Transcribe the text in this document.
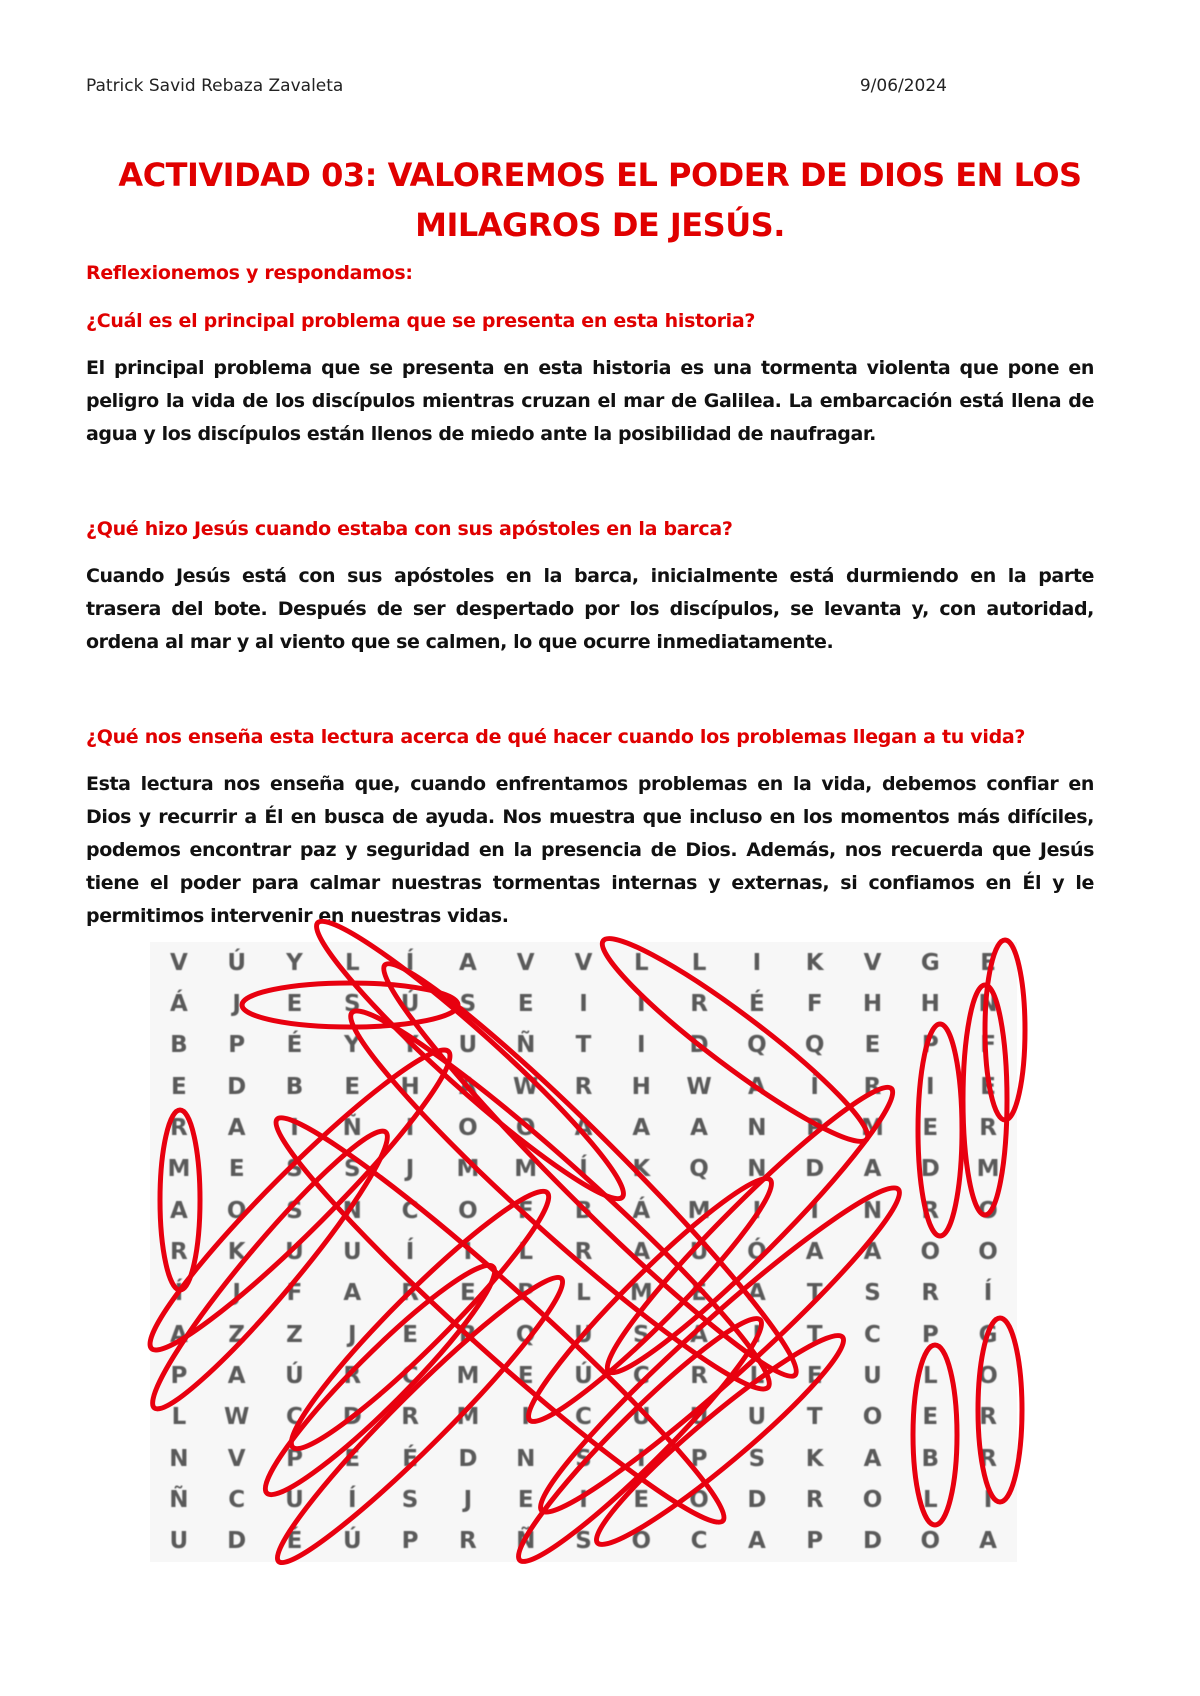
Patrick Savid Rebaza Zavaleta	9/06/2024
ACTIVIDAD 03: VALOREMOS EL PODER DE DIOS EN LOS MILAGROS DE JESÚS.
Reflexionemos y respondamos:
¿Cuál es el principal problema que se presenta en esta historia?
El principal problema que se presenta en esta historia es una tormenta violenta que pone en peligro la vida de los discípulos mientras cruzan el mar de Galilea. La embarcación está llena de agua y los discípulos están llenos de miedo ante la posibilidad de naufragar.
¿Qué hizo Jesús cuando estaba con sus apóstoles en la barca?
Cuando Jesús está con sus apóstoles en la barca, inicialmente está durmiendo en la parte trasera del bote. Después de ser despertado por los discípulos, se levanta y, con autoridad, ordena al mar y al viento que se calmen, lo que ocurre inmediatamente.
¿Qué nos enseña esta lectura acerca de qué hacer cuando los problemas llegan a tu vida?
Esta lectura nos enseña que, cuando enfrentamos problemas en la vida, debemos confiar en Dios y recurrir a Él en busca de ayuda. Nos muestra que incluso en los momentos más difíciles, podemos encontrar paz y seguridad en la presencia de Dios. Además, nos recuerda que Jesús tiene el poder para calmar nuestras tormentas internas y externas, si confiamos en Él y le permitimos intervenir en nuestras vidas.
V	Ú	Y	L	Í	A	V	V	L	L	I	K	V	G	E
Á	J	E	S	Ú	S	E	I	I	R	É	F	H	H	N
B	P	É	Y	Y	U	Ñ	T	I	D	Q	Q	E	P	F
E	D	B	E	H	A	W	R	H	W	A	Í	R	I	E
R	A	I	Ñ	I	O	O	A	A	A	N	P	M	E	R
M	E	S	S	J	M	M	Í	K	Q	N	D	A	D	M
A	O	S	N	C	O	F	B	Á	M	I	I	N	R	O
R	K	U	U	Í	Í	L	R	A	U	Ó	A	A	O	O
Í	J	F	A	R	E	P	L	M	E	A	T	S	R	Í
A	Z	Z	J	E	R	Q	U	S	A	I	T	C	P	G
P	A	Ú	R	C	M	E	Ú	C	R	L	E	U	L	O
L	W	C	D	R	M	I	C	U	U	U	T	O	E	R
N	V	P	E	É	D	N	S	I	P	S	K	A	B	R
Ñ	C	U	Í	S	J	E	I	E	O	D	R	O	L	I
U	D	É	Ú	P	R	Ñ	S	O	C	A	P	D	O	A
